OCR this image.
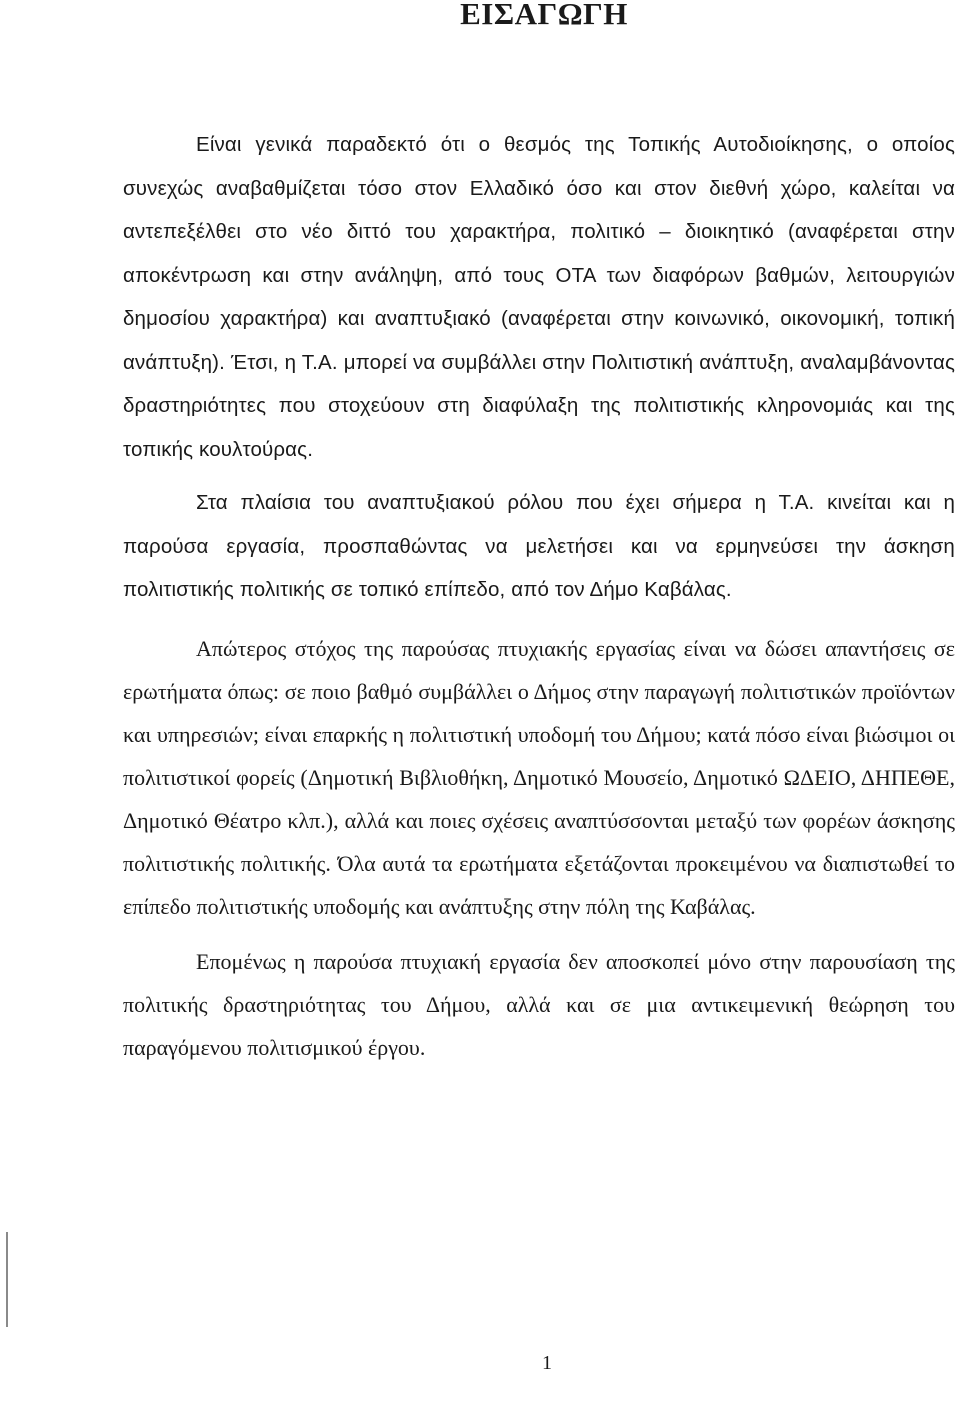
ΕΙΣΑΓΩΓΗ

Είναι γενικά παραδεκτό ότι ο θεσμός της Τοπικής Αυτοδιοίκησης, ο οποίος συνεχώς αναβαθμίζεται τόσο στον Ελλαδικό όσο και στον διεθνή χώρο, καλείται να αντεπεξέλθει στο νέο διττό του χαρακτήρα, πολιτικό – διοικητικό (αναφέρεται στην αποκέντρωση και στην ανάληψη, από τους ΟΤΑ των διαφόρων βαθμών, λειτουργιών δημοσίου χαρακτήρα) και αναπτυξιακό (αναφέρεται στην κοινωνικό, οικονομική, τοπική ανάπτυξη). Έτσι, η Τ.Α. μπορεί να συμβάλλει στην Πολιτιστική ανάπτυξη, αναλαμβάνοντας δραστηριότητες που στοχεύουν στη διαφύλαξη της πολιτιστικής κληρονομιάς και της τοπικής κουλτούρας.

Στα πλαίσια του αναπτυξιακού ρόλου που έχει σήμερα η Τ.Α. κινείται και η παρούσα εργασία, προσπαθώντας να μελετήσει και να ερμηνεύσει την άσκηση πολιτιστικής πολιτικής σε τοπικό επίπεδο, από τον Δήμο Καβάλας.

Απώτερος στόχος της παρούσας πτυχιακής εργασίας είναι να δώσει απαντήσεις σε ερωτήματα όπως: σε ποιο βαθμό συμβάλλει ο Δήμος στην παραγωγή πολιτιστικών προϊόντων και υπηρεσιών; είναι επαρκής η πολιτιστική υποδομή του Δήμου; κατά πόσο είναι βιώσιμοι οι πολιτιστικοί φορείς (Δημοτική Βιβλιοθήκη, Δημοτικό Μουσείο, Δημοτικό ΩΔΕΙΟ, ΔΗΠΕΘΕ, Δημοτικό Θέατρο κλπ.), αλλά και ποιες σχέσεις αναπτύσσονται μεταξύ των φορέων άσκησης πολιτιστικής πολιτικής. Όλα αυτά τα ερωτήματα εξετάζονται προκειμένου να διαπιστωθεί το επίπεδο πολιτιστικής υποδομής και ανάπτυξης στην πόλη της Καβάλας.

Επομένως η παρούσα πτυχιακή εργασία δεν αποσκοπεί μόνο στην παρουσίαση της πολιτικής δραστηριότητας του Δήμου, αλλά και σε μια αντικειμενική θεώρηση του παραγόμενου πολιτισμικού έργου.

1
